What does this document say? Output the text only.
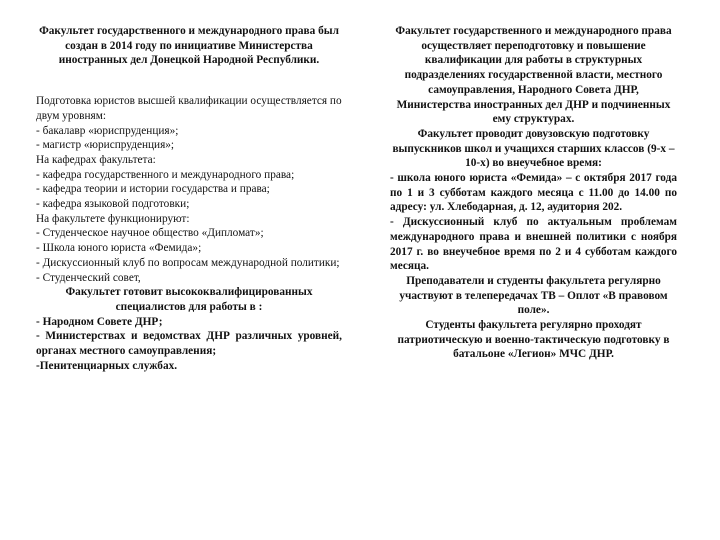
Факультет государственного и международного права был создан в 2014 году по инициативе Министерства иностранных дел Донецкой Народной Республики.

Подготовка юристов высшей квалификации осуществляется по двум уровням:

- бакалавр «юриспруденция»;

- магистр «юриспруденция»;

На кафедрах факультета:

- кафедра государственного и международного права;

- кафедра теории и истории государства и права;

- кафедра языковой подготовки;

На факультете функционируют:

- Студенческое научное общество «Дипломат»;

- Школа юного юриста «Фемида»;

- Дискуссионный клуб по вопросам международной политики;

- Студенческий совет,

Факультет готовит высококвалифицированных специалистов для работы в :

- Народном Совете ДНР;

- Министерствах и ведомствах ДНР различных уровней, органах местного самоуправления;

-Пенитенциарных службах.

Факультет государственного и международного права осуществляет переподготовку и повышение квалификации для работы в структурных подразделениях государственной власти, местного самоуправления, Народного Совета ДНР, Министерства иностранных дел ДНР и подчиненных ему структурах.

Факультет проводит довузовскую подготовку выпускников школ и учащихся старших классов (9-х – 10-х) во внеучебное время:

- школа юного юриста «Фемида» – с октября 2017 года по 1 и 3 субботам каждого месяца с 11.00 до 14.00 по адресу: ул. Хлебодарная, д. 12, аудитория 202.

- Дискуссионный клуб по актуальным проблемам международного права и внешней политики с ноября 2017 г. во внеучебное время по 2 и 4 субботам каждого месяца.

Преподаватели и студенты факультета регулярно участвуют в телепередачах ТВ – Оплот «В правовом поле».

Студенты факультета регулярно проходят патриотическую и военно-тактическую подготовку в батальоне «Легион» МЧС ДНР.
